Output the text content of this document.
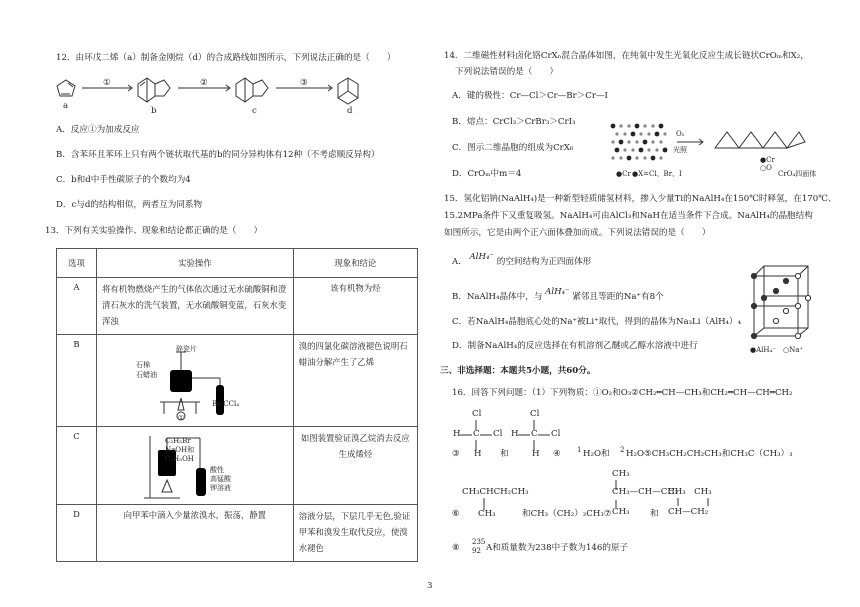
12．由环戊二烯（a）制备金刚烷（d）的合成路线如图所示，下列说法正确的是（　　）
①	②	③
a	b	c	d
A．反应①为加成反应
B．含苯环且苯环上只有两个链状取代基的b的同分异构体有12种（不考虑顺反异构）
C．b和d中手性碳原子的个数均为4
D．c与d的结构相似，两者互为同系物
13．下列有关实验操作、现象和结论都正确的是（　　）
选项	实验操作	现象和结论
A	将有机物燃烧产生的气体依次通过无水硫酸铜和澄清石灰水的洗气装置，无水硫酸铜变蓝，石灰水变浑浊	该有机物为烃
B		溴的四氯化碳溶液褪色说明石蜡油分解产生了乙烯
C		如图装置验证溴乙烷消去反应生成烯烃
D	向甲苯中滴入少量浓溴水，振荡，静置	溶液分层，下层几乎无色,验证甲苯和溴发生取代反应，使溴水褪色
碎瓷片
石棉
石蜡油
Br₂CCl₄
①
C₂H₅Br
NaOH和
C₂H₅OH
酸性
高锰酸
钾溶液
14．二维磁性材料卤化铬CrXₙ混合晶体如图，在纯氧中发生光氧化反应生成长链状CrOₘ和X₂，
下列说法错误的是（　　）
A．键的极性：Cr—Cl＞Cr—Br＞Cr—I
B．熔点：CrCl₃＞CrBr₃＞CrI₃
C．图示二维晶胞的组成为CrX₆
D．CrOₘ中m＝4
O₂
光照
●Cr ●X=Cl、Br、I
●Cr
○O
CrO₄四面体
15．氢化铝钠(NaAlH₄)是一种新型轻质储氢材料，掺入少量Ti的NaAlH₄在150℃时释氢，在170℃、
15.2MPa条件下又重复吸氢。NaAlH₄可由AlCl₃和NaH在适当条件下合成。NaAlH₄的晶胞结构
如图所示，它是由两个正六面体叠加而成。下列说法错误的是（　　）
A． AlH₄⁻ 的空间结构为正四面体形
B．NaAlH₄晶体中，与 AlH₄⁻ 紧邻且等距的Na⁺有8个
C．若NaAlH₄晶胞底心处的Na⁺被Li⁺取代，得到的晶体为Na₃Li（AlH₄）₄
D．制备NaAlH₄的反应选择在有机溶剂乙醚或乙醇水溶液中进行	●AlH₄⁻　○Na⁺
三、非选择题：本题共5小题，共60分。
16．回答下列问题：（1）下列物质：①O₂和O₃②CH₂═CH—CH₃和CH₂═CH—CH═CH₂
Cl
H C Cl
H
③	和
Cl
H C Cl
H ④ 1 H₂O和 2 H₂O⑤CH₃CH₂CH₂CH₃和CH₃C（CH₃）₃
CH₃CHCH₂CH₃
⑥ CH₃	和CH₃（CH₂）₃CH₃⑦
CH₃
CH₃—CH—CH₂
CH₃ 和
CH₃　CH₃
CH—CH₂
⑧
235
92 A和质量数为238中子数为146的原子
3
